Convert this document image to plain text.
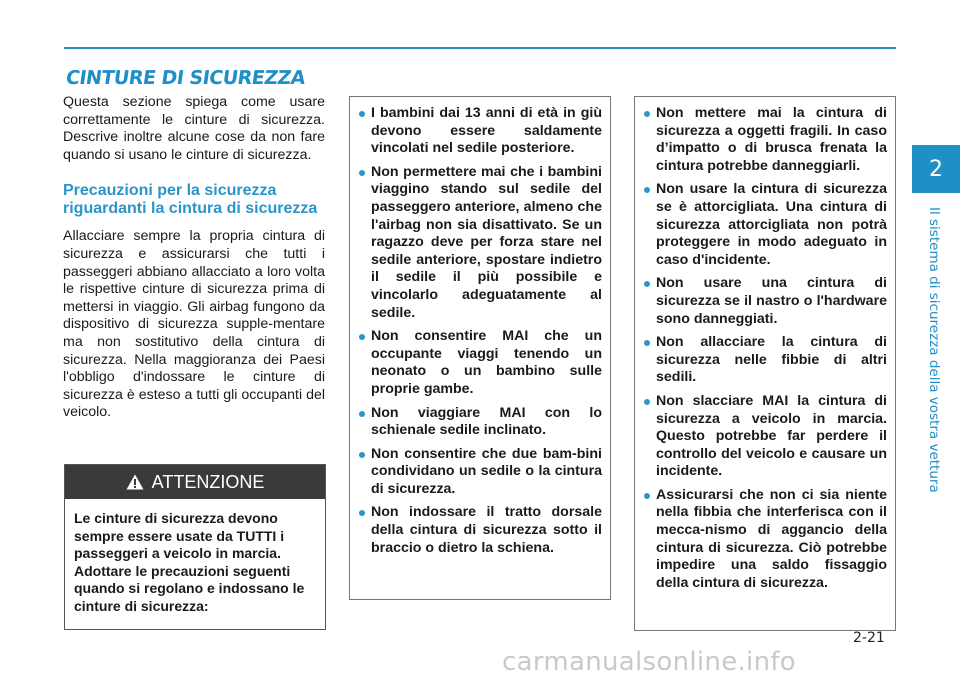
CINTURE DI SICUREZZA

Questa sezione spiega come usare correttamente le cinture di sicurezza. Descrive inoltre alcune cose da non fare quando si usano le cinture di sicurezza.

Precauzioni per la sicurezza riguardanti la cintura di sicurezza

Allacciare sempre la propria cintura di sicurezza e assicurarsi che tutti i passeggeri abbiano allacciato a loro volta le rispettive cinture di sicurezza prima di mettersi in viaggio. Gli airbag fungono da dispositivo di sicurezza supple-mentare ma non sostitutivo della cintura di sicurezza. Nella maggioranza dei Paesi l'obbligo d'indossare le cinture di sicurezza è esteso a tutti gli occupanti del veicolo.

ATTENZIONE
Le cinture di sicurezza devono sempre essere usate da TUTTI i passeggeri a veicolo in marcia. Adottare le precauzioni seguenti quando si regolano e indossano le cinture di sicurezza:
I bambini dai 13 anni di età in giù devono essere saldamente vincolati nel sedile posteriore.
Non permettere mai che i bambini viaggino stando sul sedile del passeggero anteriore, almeno che l'airbag non sia disattivato. Se un ragazzo deve per forza stare nel sedile anteriore, spostare indietro il sedile il più possibile e vincolarlo adeguatamente al sedile.
Non consentire MAI che un occupante viaggi tenendo un neonato o un bambino sulle proprie gambe.
Non viaggiare MAI con lo schienale sedile inclinato.
Non consentire che due bam-bini condividano un sedile o la cintura di sicurezza.
Non indossare il tratto dorsale della cintura di sicurezza sotto il braccio o dietro la schiena.
Non mettere mai la cintura di sicurezza a oggetti fragili. In caso d’impatto o di brusca frenata la cintura potrebbe danneggiarli.
Non usare la cintura di sicurezza se è attorcigliata. Una cintura di sicurezza attorcigliata non potrà proteggere in modo adeguato in caso d'incidente.
Non usare una cintura di sicurezza se il nastro o l'hardware sono danneggiati.
Non allacciare la cintura di sicurezza nelle fibbie di altri sedili.
Non slacciare MAI la cintura di sicurezza a veicolo in marcia. Questo potrebbe far perdere il controllo del veicolo e causare un incidente.
Assicurarsi che non ci sia niente nella fibbia che interferisca con il mecca-nismo di aggancio della cintura di sicurezza. Ciò potrebbe impedire una saldo fissaggio della cintura di sicurezza.
2
Il sistema di sicurezza della vostra vettura
2-21
carmanualsonline.info
